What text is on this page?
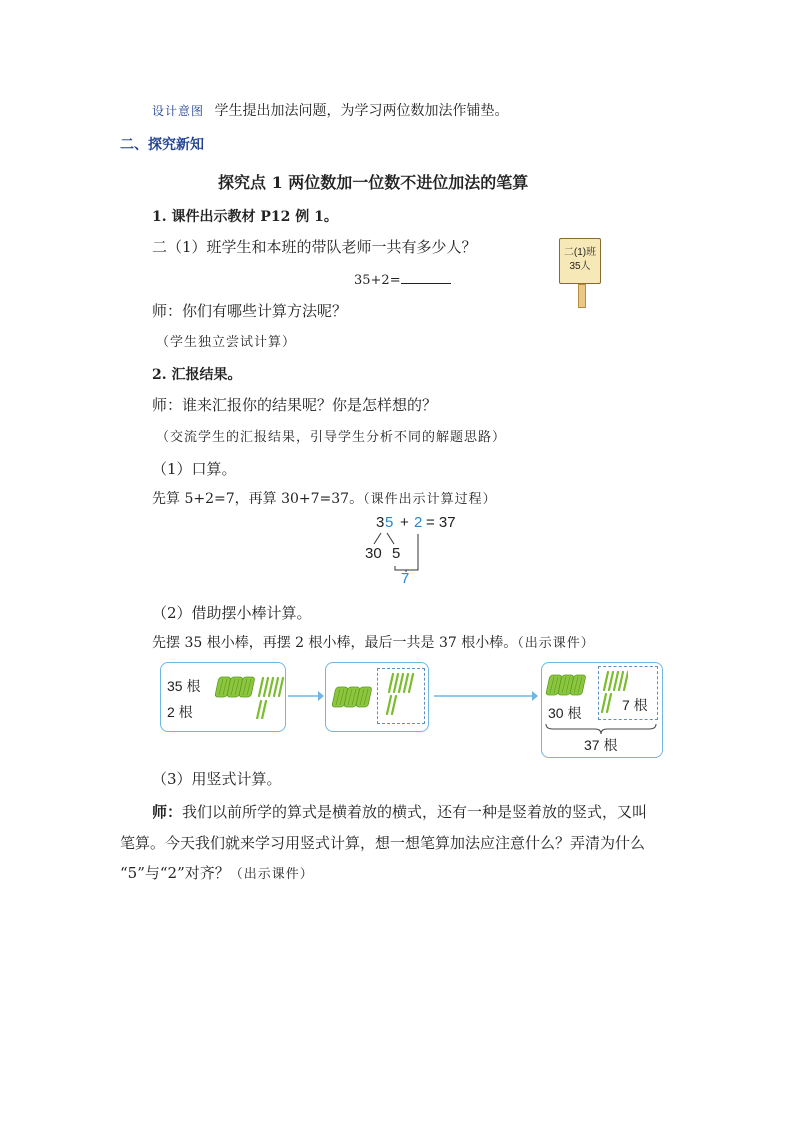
设计意图 学生提出加法问题，为学习两位数加法作铺垫。
二、探究新知
探究点 1 两位数加一位数不进位加法的笔算
1. 课件出示教材 P12 例 1。
二（1）班学生和本班的带队老师一共有多少人？
35+2=
二(1)班
35人
师：你们有哪些计算方法呢？
（学生独立尝试计算）
2. 汇报结果。
师：谁来汇报你的结果呢？你是怎样想的？
（交流学生的汇报结果，引导学生分析不同的解题思路）
（1）口算。
先算 5+2=7，再算 30+7=37。（课件出示计算过程）
3 5 + 2 = 37
30 5
7
（2）借助摆小棒计算。
先摆 35 根小棒，再摆 2 根小棒，最后一共是 37 根小棒。（出示课件）
35 根
2 根	30 根	7 根
37 根
（3）用竖式计算。
师：我们以前所学的算式是横着放的横式，还有一种是竖着放的竖式，又叫
笔算。今天我们就来学习用竖式计算，想一想笔算加法应注意什么？弄清为什么
“5”与“2”对齐？（出示课件）
